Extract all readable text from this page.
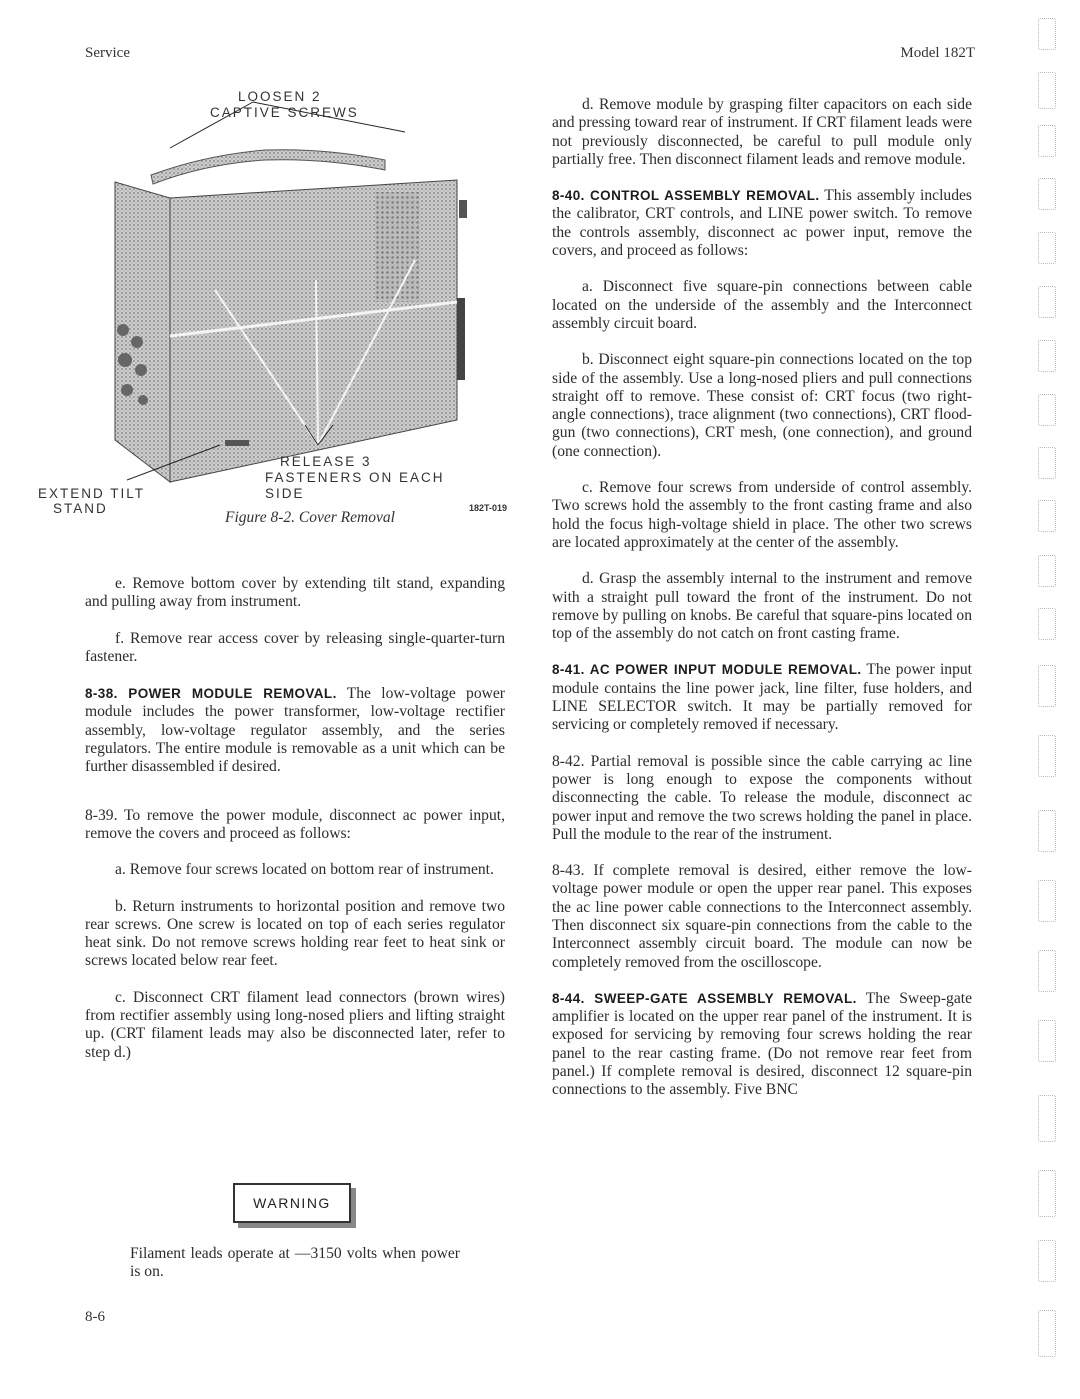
Service	Model 182T
LOOSEN 2
CAPTIVE SCREWS
RELEASE 3
FASTENERS ON EACH
SIDE
EXTEND TILT
STAND	182T-019
Figure 8-2. Cover Removal

e. Remove bottom cover by extending tilt stand, expanding and pulling away from instrument.

f. Remove rear access cover by releasing single-quarter-turn fastener.

8-38. POWER MODULE REMOVAL. The low-voltage power module includes the power transformer, low-voltage rectifier assembly, low-voltage regulator assembly, and the series regulators. The entire module is removable as a unit which can be further disassembled if desired.

8-39. To remove the power module, disconnect ac power input, remove the covers and proceed as follows:

a. Remove four screws located on bottom rear of instrument.

b. Return instruments to horizontal position and remove two rear screws. One screw is located on top of each series regulator heat sink. Do not remove screws holding rear feet to heat sink or screws located below rear feet.

c. Disconnect CRT filament lead connectors (brown wires) from rectifier assembly using long-nosed pliers and lifting straight up. (CRT filament leads may also be disconnected later, refer to step d.)

WARNING
Filament leads operate at —3150 volts when power is on.

d. Remove module by grasping filter capacitors on each side and pressing toward rear of instrument. If CRT filament leads were not previously disconnected, be careful to pull module only partially free. Then disconnect filament leads and remove module.

8-40. CONTROL ASSEMBLY REMOVAL. This assembly includes the calibrator, CRT controls, and LINE power switch. To remove the controls assembly, disconnect ac power input, remove the covers, and proceed as follows:

a. Disconnect five square-pin connections between cable located on the underside of the assembly and the Interconnect assembly circuit board.

b. Disconnect eight square-pin connections located on the top side of the assembly. Use a long-nosed pliers and pull connections straight off to remove. These consist of: CRT focus (two right-angle connections), trace alignment (two connections), CRT flood-gun (two connections), CRT mesh, (one connection), and ground (one connection).

c. Remove four screws from underside of control assembly. Two screws hold the assembly to the front casting frame and also hold the focus high-voltage shield in place. The other two screws are located approximately at the center of the assembly.

d. Grasp the assembly internal to the instrument and remove with a straight pull toward the front of the instrument. Do not remove by pulling on knobs. Be careful that square-pins located on top of the assembly do not catch on front casting frame.

8-41. AC POWER INPUT MODULE REMOVAL. The power input module contains the line power jack, line filter, fuse holders, and LINE SELECTOR switch. It may be partially removed for servicing or completely removed if necessary.

8-42. Partial removal is possible since the cable carrying ac line power is long enough to expose the components without disconnecting the cable. To release the module, disconnect ac power input and remove the two screws holding the panel in place. Pull the module to the rear of the instrument.

8-43. If complete removal is desired, either remove the low-voltage power module or open the upper rear panel. This exposes the ac line power cable connections to the Interconnect assembly. Then disconnect six square-pin connections from the cable to the Interconnect assembly circuit board. The module can now be completely removed from the oscilloscope.

8-44. SWEEP-GATE ASSEMBLY REMOVAL. The Sweep-gate amplifier is located on the upper rear panel of the instrument. It is exposed for servicing by removing four screws holding the rear panel to the rear casting frame. (Do not remove rear feet from panel.) If complete removal is desired, disconnect 12 square-pin connections to the assembly. Five BNC

8-6
